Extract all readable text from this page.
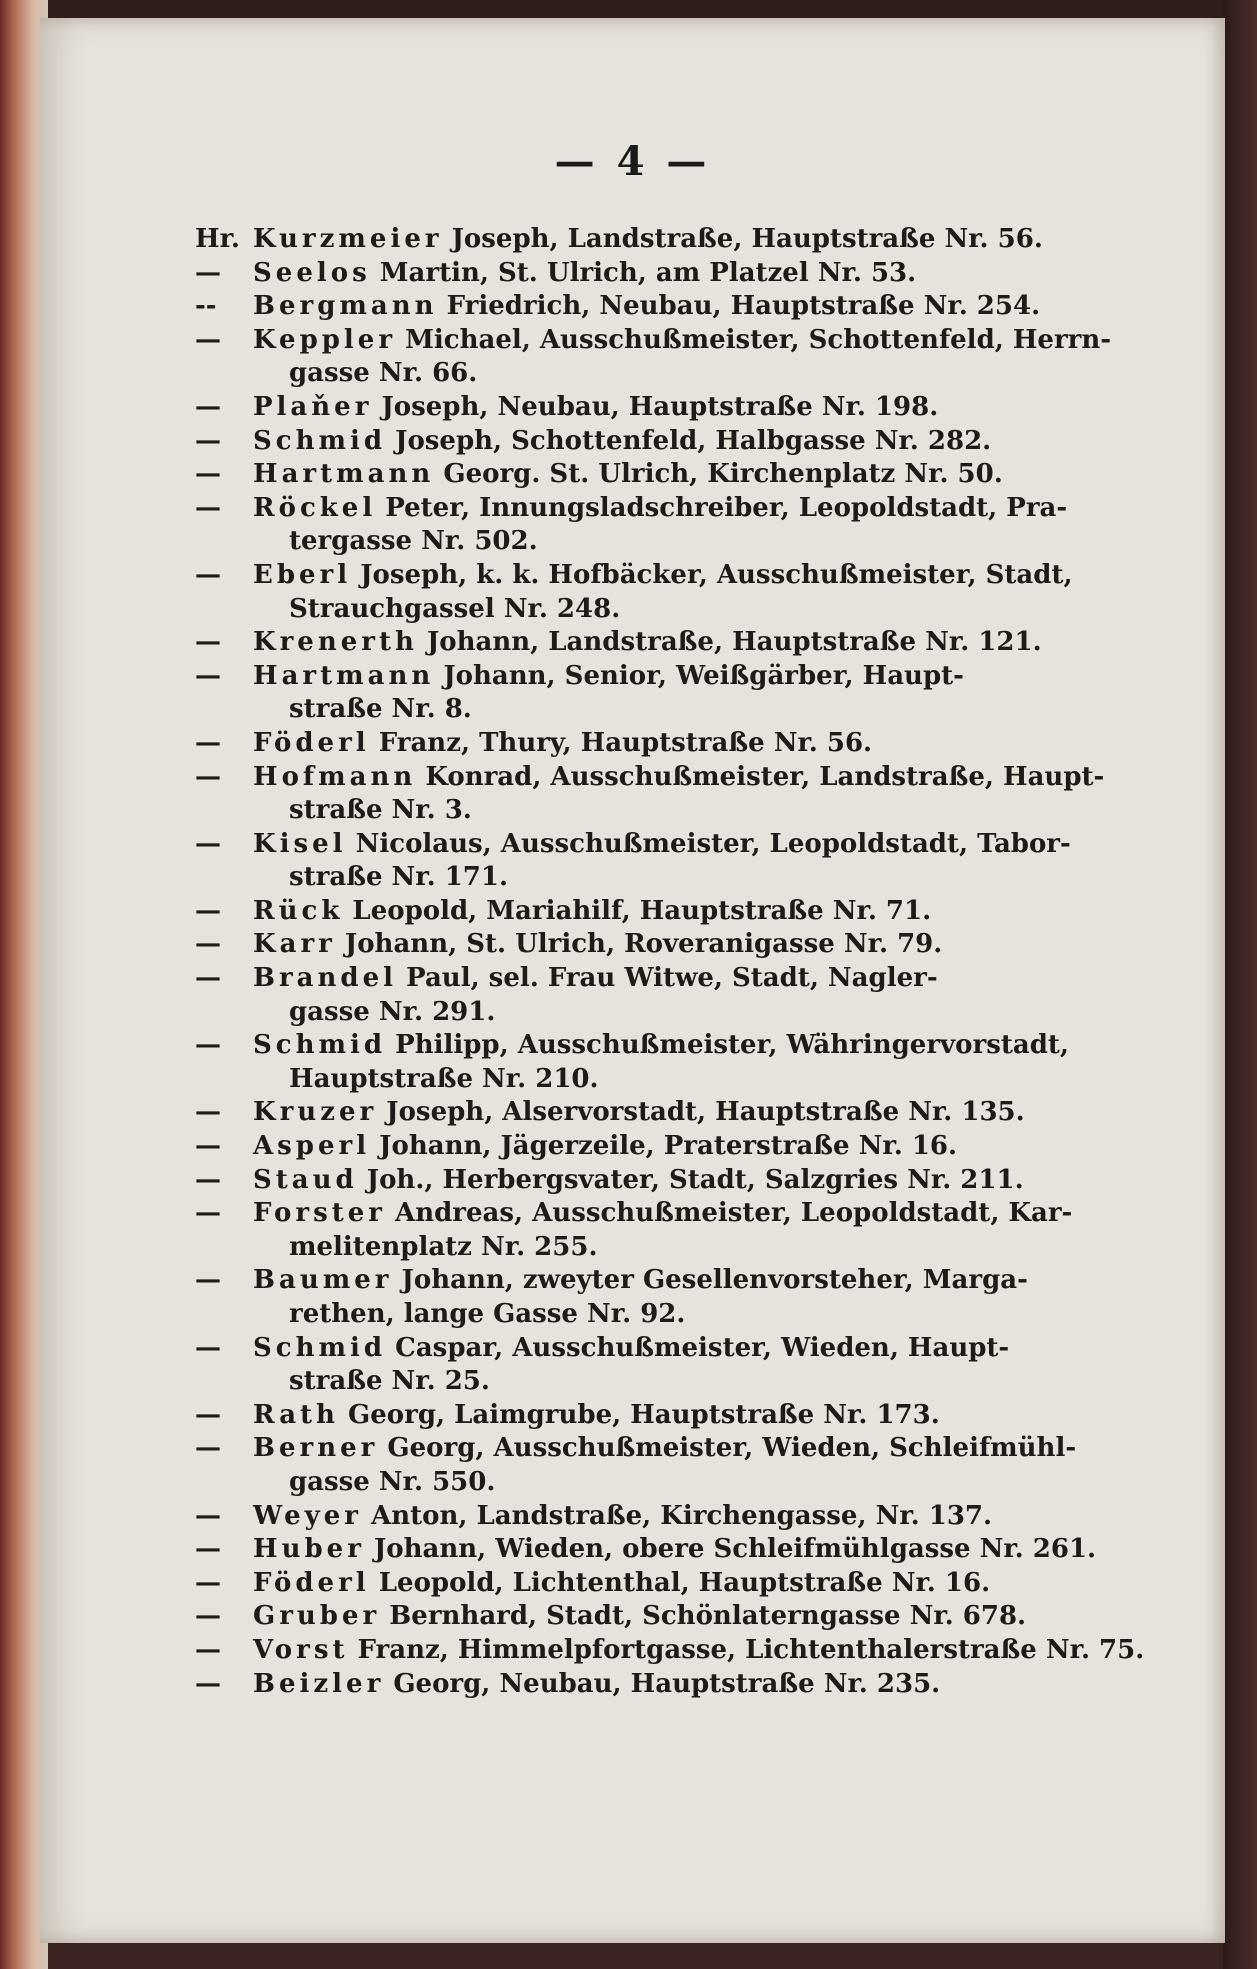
— 4 —
Hr. Kurzmeier Joseph, Landstraße, Hauptstraße Nr. 56.
—	Seelos Martin, St. Ulrich, am Platzel Nr. 53.
--	Bergmann Friedrich, Neubau, Hauptstraße Nr. 254.
—	Keppler Michael, Ausschußmeister, Schottenfeld, Herrn-
gasse Nr. 66.
—	Plaňer Joseph, Neubau, Hauptstraße Nr. 198.
—	Schmid Joseph, Schottenfeld, Halbgasse Nr. 282.
—	Hartmann Georg. St. Ulrich, Kirchenplatz Nr. 50.
—	Röckel Peter, Innungsladschreiber, Leopoldstadt, Pra-
tergasse Nr. 502.
—	Eberl Joseph, k. k. Hofbäcker, Ausschußmeister, Stadt,
Strauchgassel Nr. 248.
—	Krenerth Johann, Landstraße, Hauptstraße Nr. 121.
—	Hartmann Johann, Senior, Weißgärber, Haupt-
straße Nr. 8.
—	Föderl Franz, Thury, Hauptstraße Nr. 56.
—	Hofmann Konrad, Ausschußmeister, Landstraße, Haupt-
straße Nr. 3.
—	Kisel Nicolaus, Ausschußmeister, Leopoldstadt, Tabor-
straße Nr. 171.
—	Rück Leopold, Mariahilf, Hauptstraße Nr. 71.
—	Karr Johann, St. Ulrich, Roveranigasse Nr. 79.
—	Brandel Paul, sel. Frau Witwe, Stadt, Nagler-
gasse Nr. 291.
—	Schmid Philipp, Ausschußmeister, Währingervorstadt,
Hauptstraße Nr. 210.
—	Kruzer Joseph, Alservorstadt, Hauptstraße Nr. 135.
—	Asperl Johann, Jägerzeile, Praterstraße Nr. 16.
—	Staud Joh., Herbergsvater, Stadt, Salzgries Nr. 211.
—	Forster Andreas, Ausschußmeister, Leopoldstadt, Kar-
melitenplatz Nr. 255.
—	Baumer Johann, zweyter Gesellenvorsteher, Marga-
rethen, lange Gasse Nr. 92.
—	Schmid Caspar, Ausschußmeister, Wieden, Haupt-
straße Nr. 25.
—	Rath Georg, Laimgrube, Hauptstraße Nr. 173.
—	Berner Georg, Ausschußmeister, Wieden, Schleifmühl-
gasse Nr. 550.
—	Weyer Anton, Landstraße, Kirchengasse, Nr. 137.
—	Huber Johann, Wieden, obere Schleifmühlgasse Nr. 261.
—	Föderl Leopold, Lichtenthal, Hauptstraße Nr. 16.
—	Gruber Bernhard, Stadt, Schönlaterngasse Nr. 678.
—	Vorst Franz, Himmelpfortgasse, Lichtenthalerstraße Nr. 75.
—	Beizler Georg, Neubau, Hauptstraße Nr. 235.
